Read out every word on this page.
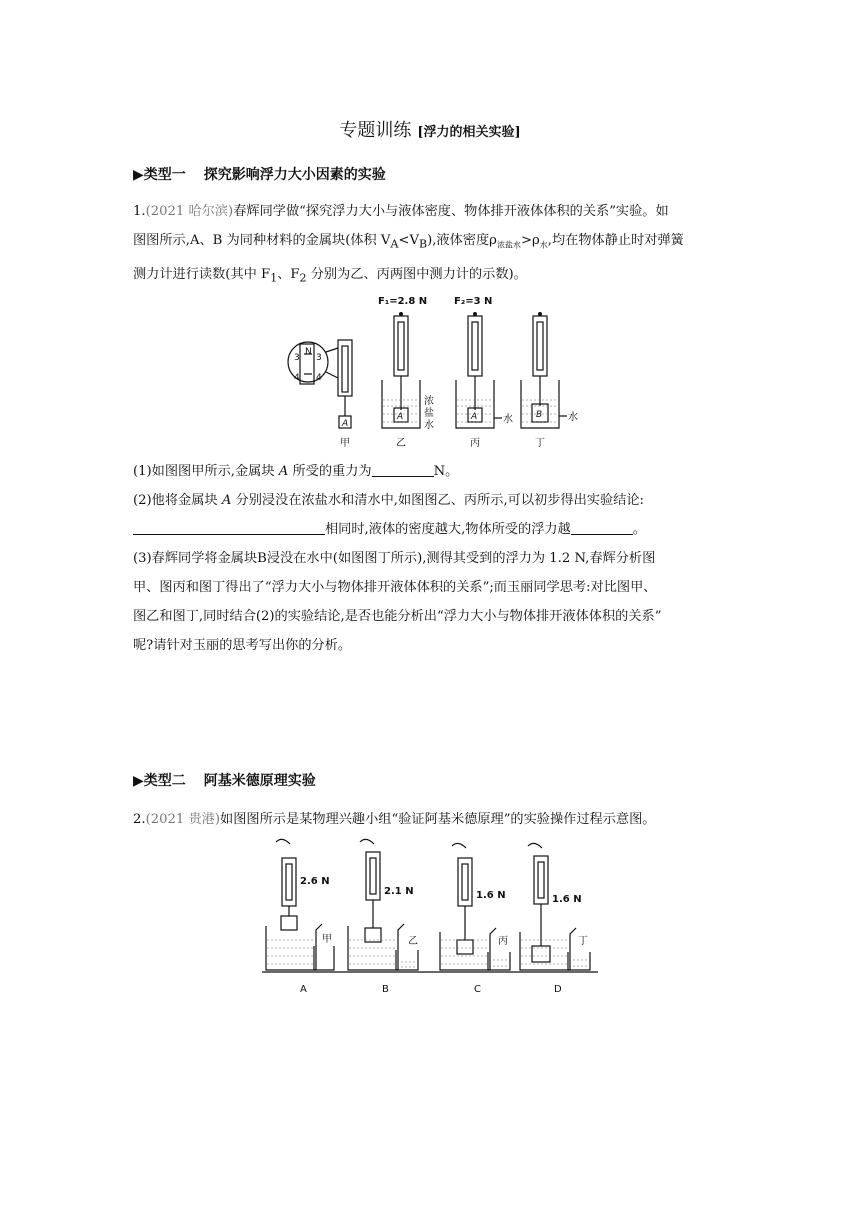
专题训练 [浮力的相关实验]
▶类型一 探究影响浮力大小因素的实验
1.(2021 哈尔滨)春辉同学做“探究浮力大小与液体密度、物体排开液体体积的关系”实验。如
图图所示,A、B 为同种材料的金属块(体积 $V_A<V_B$),液体密度$\rho_{浓盐水}>\rho_水$,均在物体静止时对弹簧
测力计进行读数(其中 $F_1$、$F_2$ 分别为乙、丙两图中测力计的示数)。
F₁=2.8 N	F₂=3 N
N
3 3
4 4
A
A	A	B
浓
盐
水
水	水
甲	乙	丙	丁
(1)如图图甲所示,金属块 A 所受的重力为	N。
(2)他将金属块 A 分别浸没在浓盐水和清水中,如图图乙、丙所示,可以初步得出实验结论:
相同时,液体的密度越大,物体所受的浮力越	。
(3)春辉同学将金属块B浸没在水中(如图图丁所示),测得其受到的浮力为 1.2 N,春辉分析图
甲、图丙和图丁得出了“浮力大小与物体排开液体体积的关系”;而玉丽同学思考:对比图甲、
图乙和图丁,同时结合(2)的实验结论,是否也能分析出“浮力大小与物体排开液体体积的关系”
呢?请针对玉丽的思考写出你的分析。
▶类型二 阿基米德原理实验
2.(2021 贵港)如图图所示是某物理兴趣小组“验证阿基米德原理”的实验操作过程示意图。
2.6 N
2.1 N	1.6 N	1.6 N
甲	乙	丙	丁
A	B	C	D
